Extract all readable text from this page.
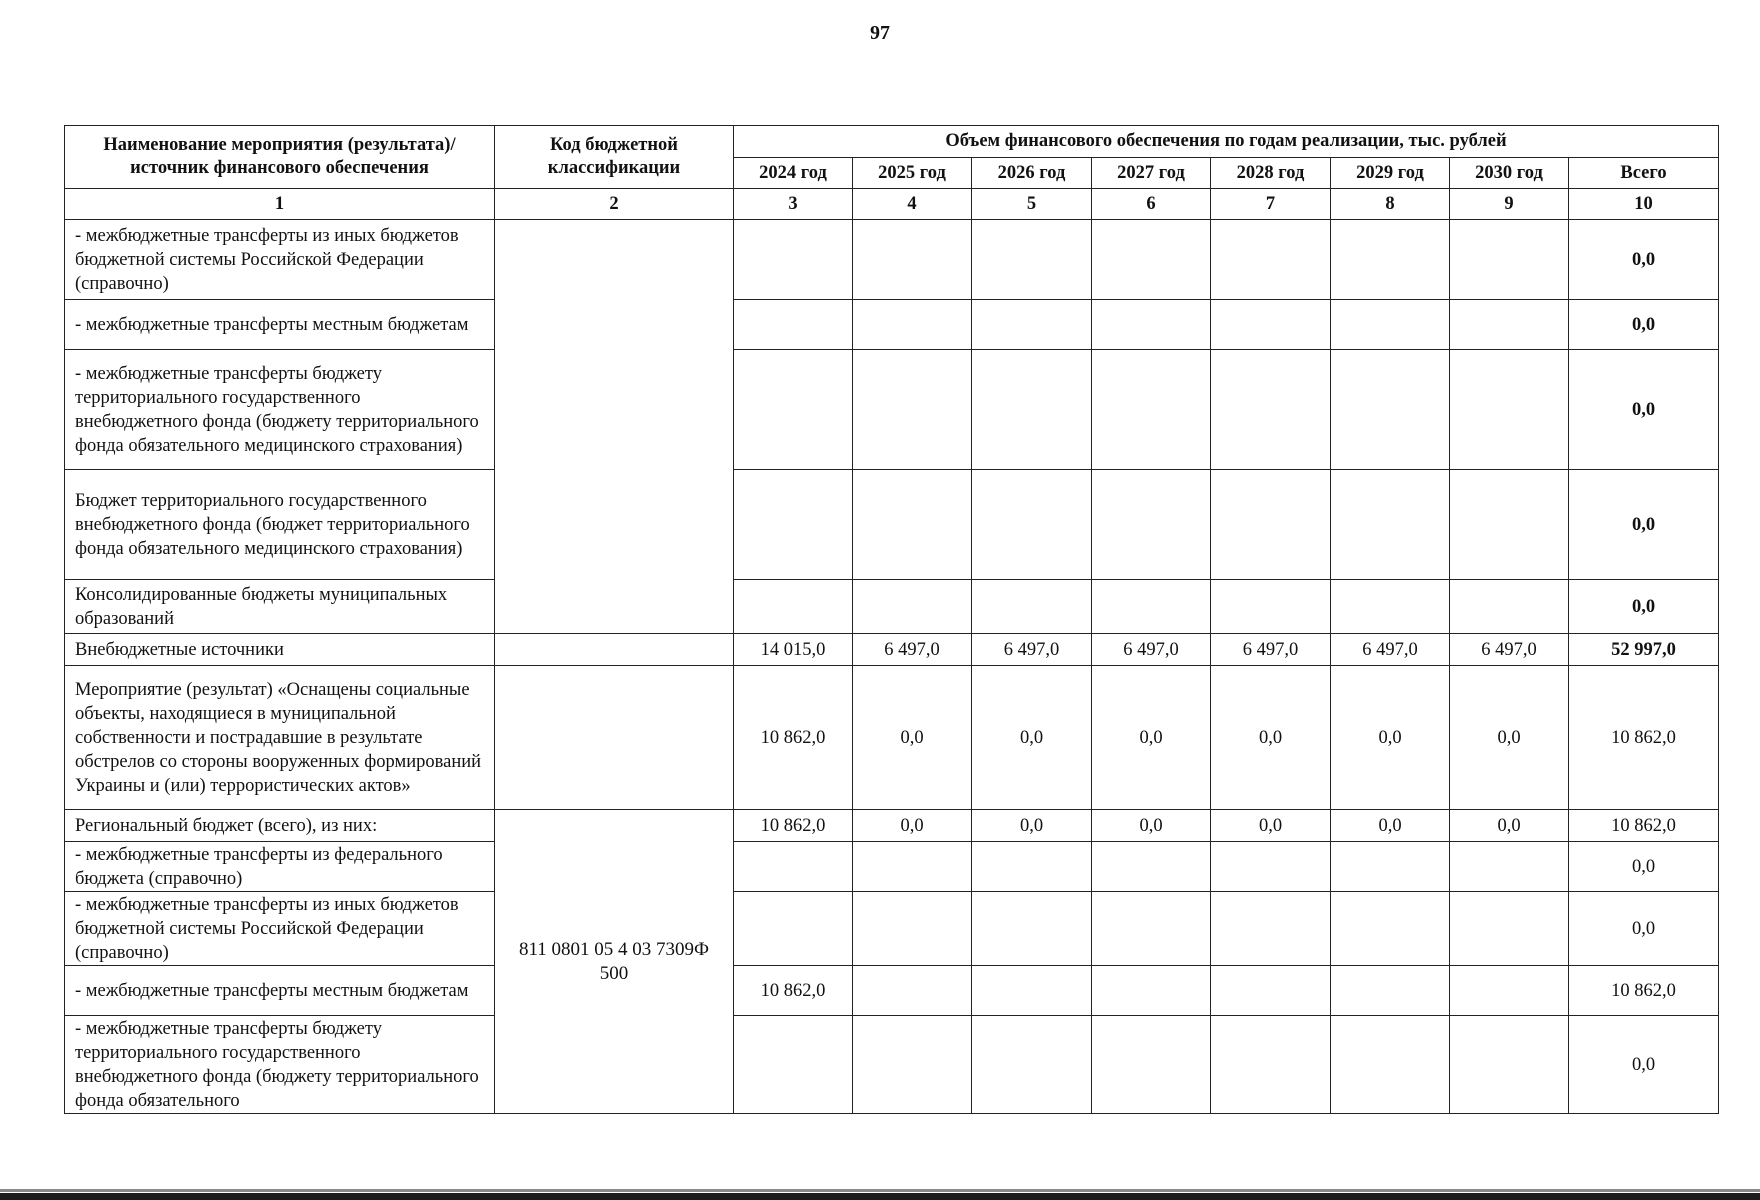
97
Наименование мероприятия (результата)/ источник финансового обеспечения	Код бюджетной классификации	Объем финансового обеспечения по годам реализации, тыс. рублей							
		2024 год	2025 год	2026 год	2027 год	2028 год	2029 год	2030 год	Всего
1	2	3	4	5	6	7	8	9	10
- межбюджетные трансферты из иных бюджетов бюджетной системы Российской Федерации (справочно)									0,0
- межбюджетные трансферты местным бюджетам									0,0
- межбюджетные трансферты бюджету территориального государственного внебюджетного фонда (бюджету территориального фонда обязательного медицинского страхования)									0,0
Бюджет территориального государственного внебюджетного фонда (бюджет территориального фонда обязательного медицинского страхования)									0,0
Консолидированные бюджеты муниципальных образований									0,0
Внебюджетные источники		14 015,0	6 497,0	6 497,0	6 497,0	6 497,0	6 497,0	6 497,0	52 997,0
Мероприятие (результат) «Оснащены социальные объекты, находящиеся в муниципальной собственности и пострадавшие в результате обстрелов со стороны вооруженных формирований Украины и (или) террористических актов»		10 862,0	0,0	0,0	0,0	0,0	0,0	0,0	10 862,0
Региональный бюджет (всего), из них:	811 0801 05 4 03 7309Ф 500	10 862,0	0,0	0,0	0,0	0,0	0,0	0,0	10 862,0
- межбюджетные трансферты из федерального бюджета (справочно)									0,0
- межбюджетные трансферты из иных бюджетов бюджетной системы Российской Федерации (справочно)									0,0
- межбюджетные трансферты местным бюджетам		10 862,0							10 862,0
- межбюджетные трансферты бюджету территориального государственного внебюджетного фонда (бюджету территориального фонда обязательного									0,0
